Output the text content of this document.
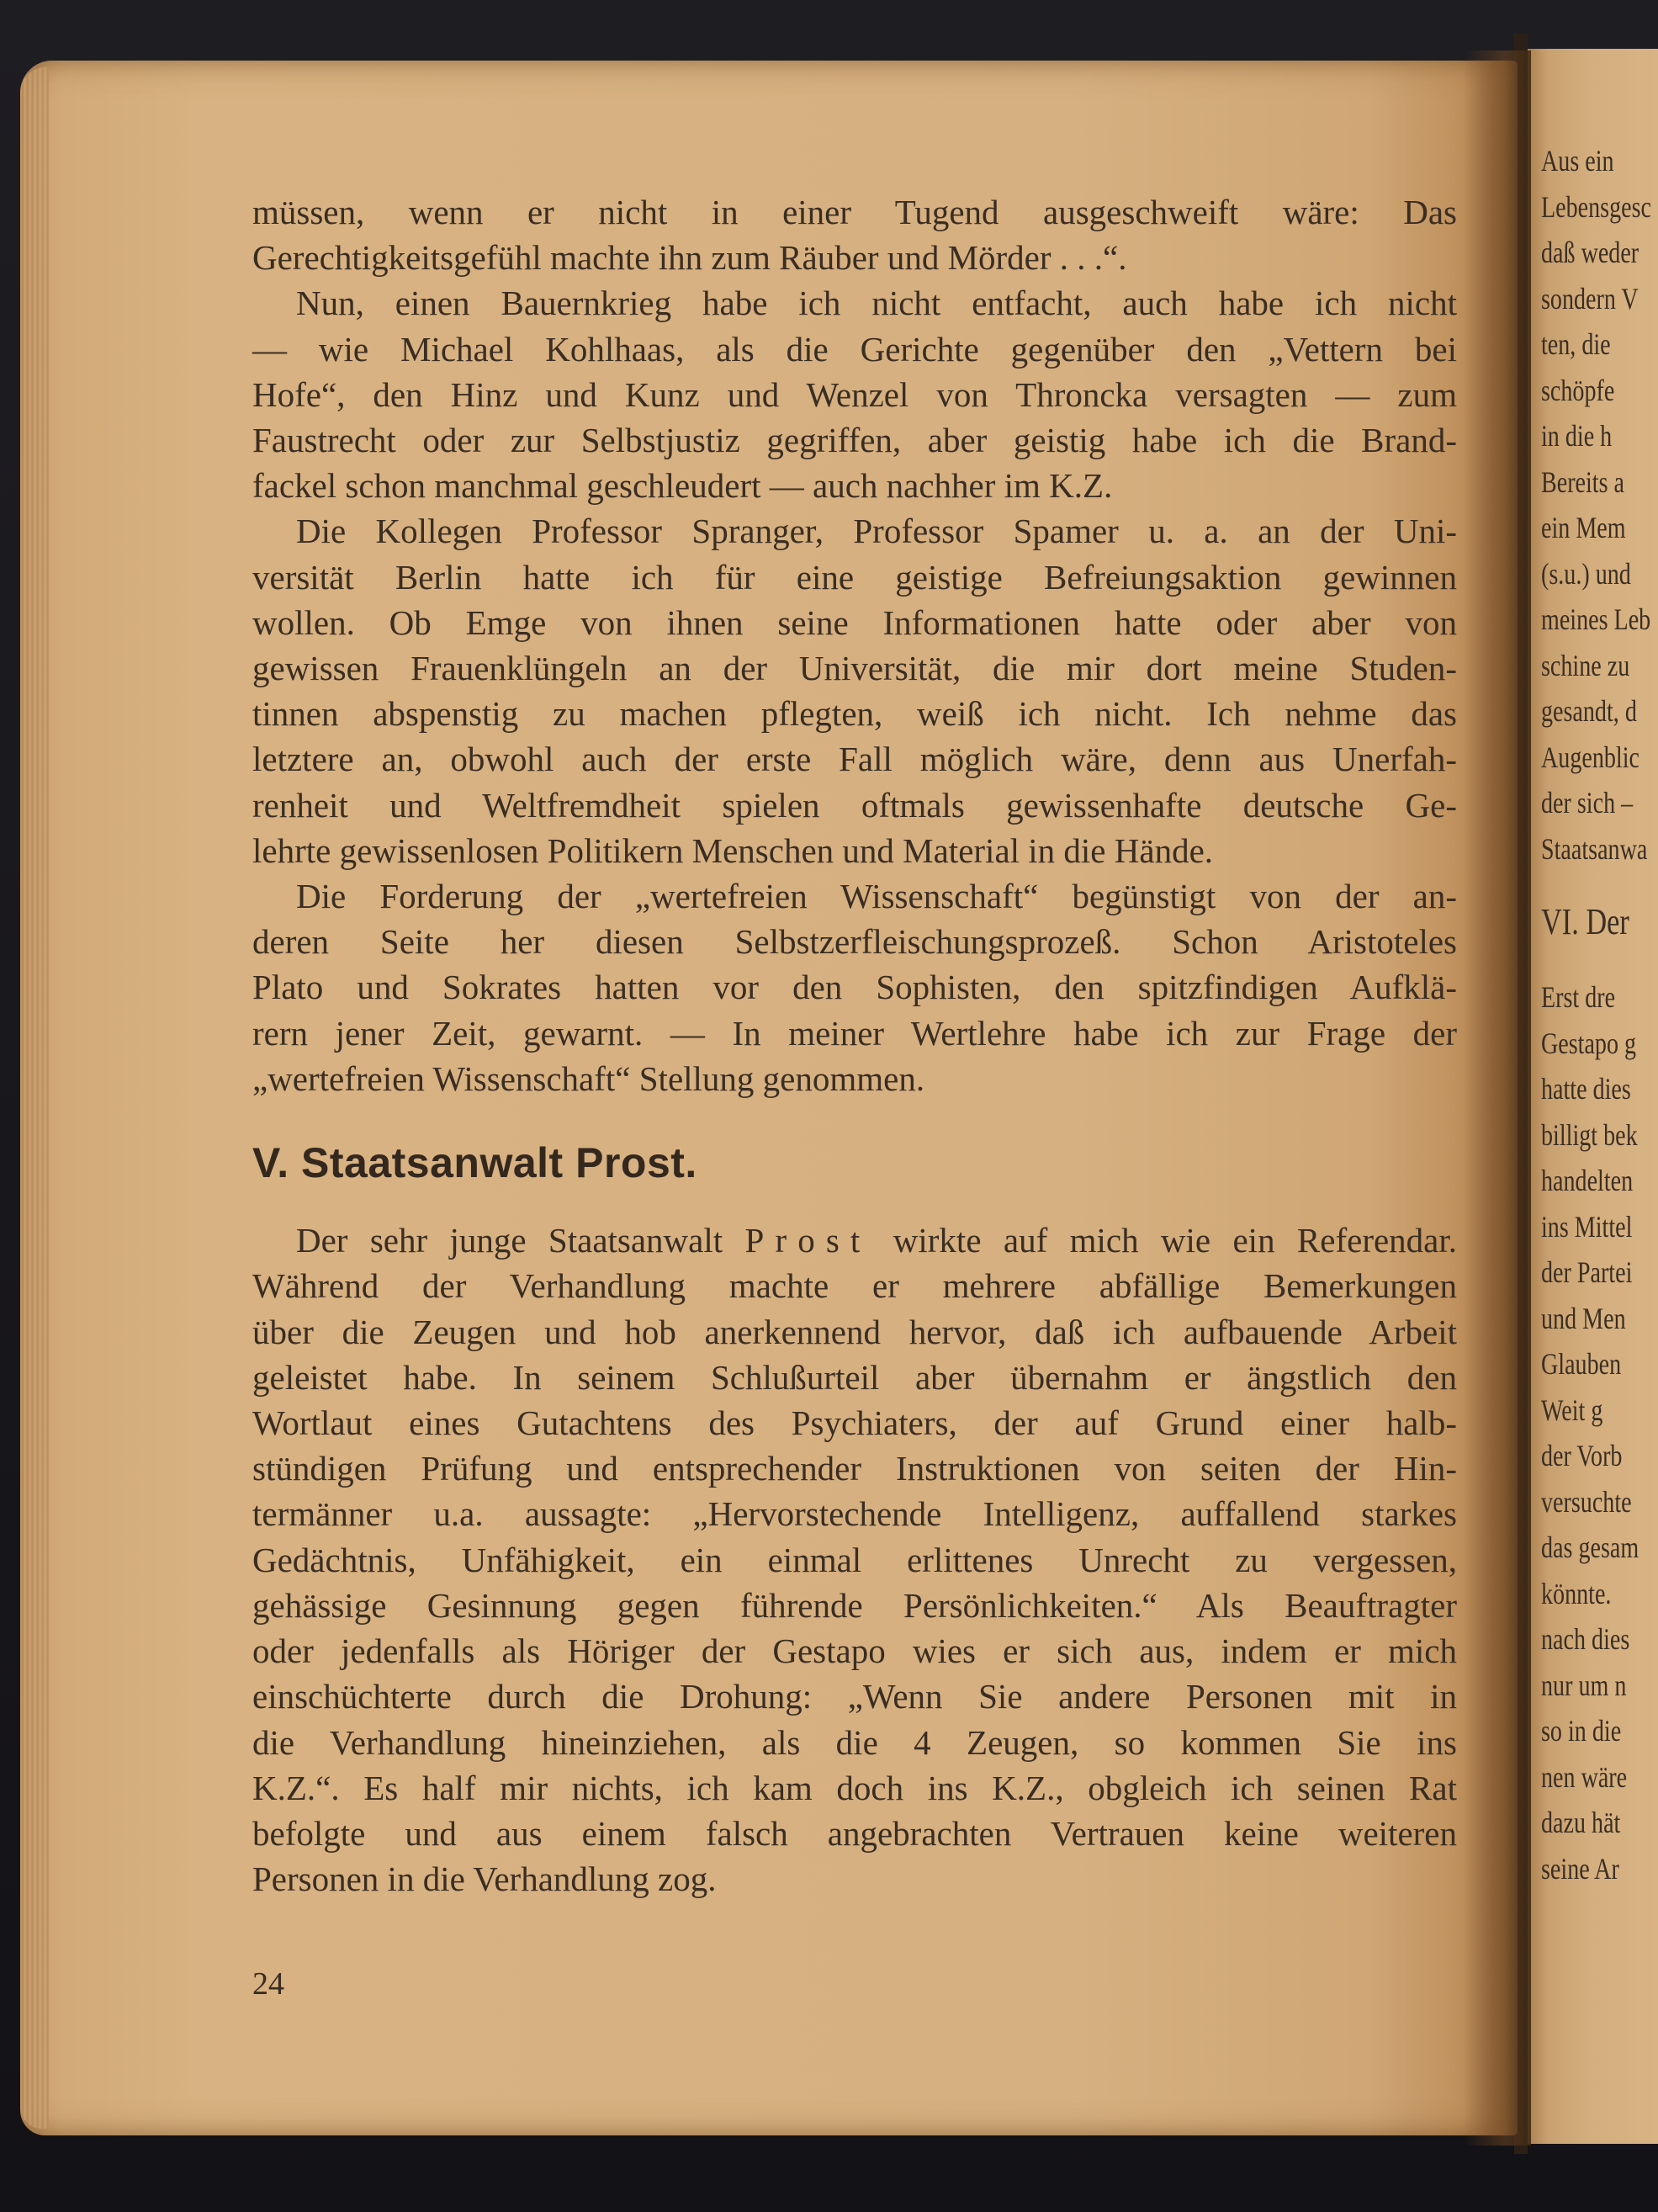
Aus ein
Lebensgesc
daß weder
sondern V
ten, die
schöpfe
in die h
Bereits a
ein Mem
(s.u.) und
meines Leb
schine zu
gesandt, d
Augenblic
der sich –
Staatsanwa
VI. Der
Erst dre
Gestapo g
hatte dies
billigt bek
handelten
ins Mittel
der Partei
und Men
Glauben
Weit g
der Vorb
versuchte
das gesam
könnte.
nach dies
nur um n
so in die
nen wäre
dazu hät
seine Ar

müssen, wenn er nicht in einer Tugend ausgeschweift wäre: Das
Gerechtigkeitsgefühl machte ihn zum Räuber und Mörder . . .“.

Nun, einen Bauernkrieg habe ich nicht entfacht, auch habe ich nicht
— wie Michael Kohlhaas, als die Gerichte gegenüber den „Vettern bei
Hofe“, den Hinz und Kunz und Wenzel von Throncka versagten — zum
Faustrecht oder zur Selbstjustiz gegriffen, aber geistig habe ich die Brand-
fackel schon manchmal geschleudert — auch nachher im K.Z.

Die Kollegen Professor Spranger, Professor Spamer u. a. an der Uni-
versität Berlin hatte ich für eine geistige Befreiungsaktion gewinnen
wollen. Ob Emge von ihnen seine Informationen hatte oder aber von
gewissen Frauenklüngeln an der Universität, die mir dort meine Studen-
tinnen abspenstig zu machen pflegten, weiß ich nicht. Ich nehme das
letztere an, obwohl auch der erste Fall möglich wäre, denn aus Unerfah-
renheit und Weltfremdheit spielen oftmals gewissenhafte deutsche Ge-
lehrte gewissenlosen Politikern Menschen und Material in die Hände.

Die Forderung der „wertefreien Wissenschaft“ begünstigt von der an-
deren Seite her diesen Selbstzerfleischungsprozeß. Schon Aristoteles
Plato und Sokrates hatten vor den Sophisten, den spitzfindigen Aufklä-
rern jener Zeit, gewarnt. — In meiner Wertlehre habe ich zur Frage der
„wertefreien Wissenschaft“ Stellung genommen.

V. Staatsanwalt Prost.

Der sehr junge Staatsanwalt Prost wirkte auf mich wie ein Referendar.
Während der Verhandlung machte er mehrere abfällige Bemerkungen
über die Zeugen und hob anerkennend hervor, daß ich aufbauende Arbeit
geleistet habe. In seinem Schlußurteil aber übernahm er ängstlich den
Wortlaut eines Gutachtens des Psychiaters, der auf Grund einer halb-
stündigen Prüfung und entsprechender Instruktionen von seiten der Hin-
termänner u.a. aussagte: „Hervorstechende Intelligenz, auffallend starkes
Gedächtnis, Unfähigkeit, ein einmal erlittenes Unrecht zu vergessen,
gehässige Gesinnung gegen führende Persönlichkeiten.“ Als Beauftragter
oder jedenfalls als Höriger der Gestapo wies er sich aus, indem er mich
einschüchterte durch die Drohung: „Wenn Sie andere Personen mit in
die Verhandlung hineinziehen, als die 4 Zeugen, so kommen Sie ins
K.Z.“. Es half mir nichts, ich kam doch ins K.Z., obgleich ich seinen Rat
befolgte und aus einem falsch angebrachten Vertrauen keine weiteren
Personen in die Verhandlung zog.

24
